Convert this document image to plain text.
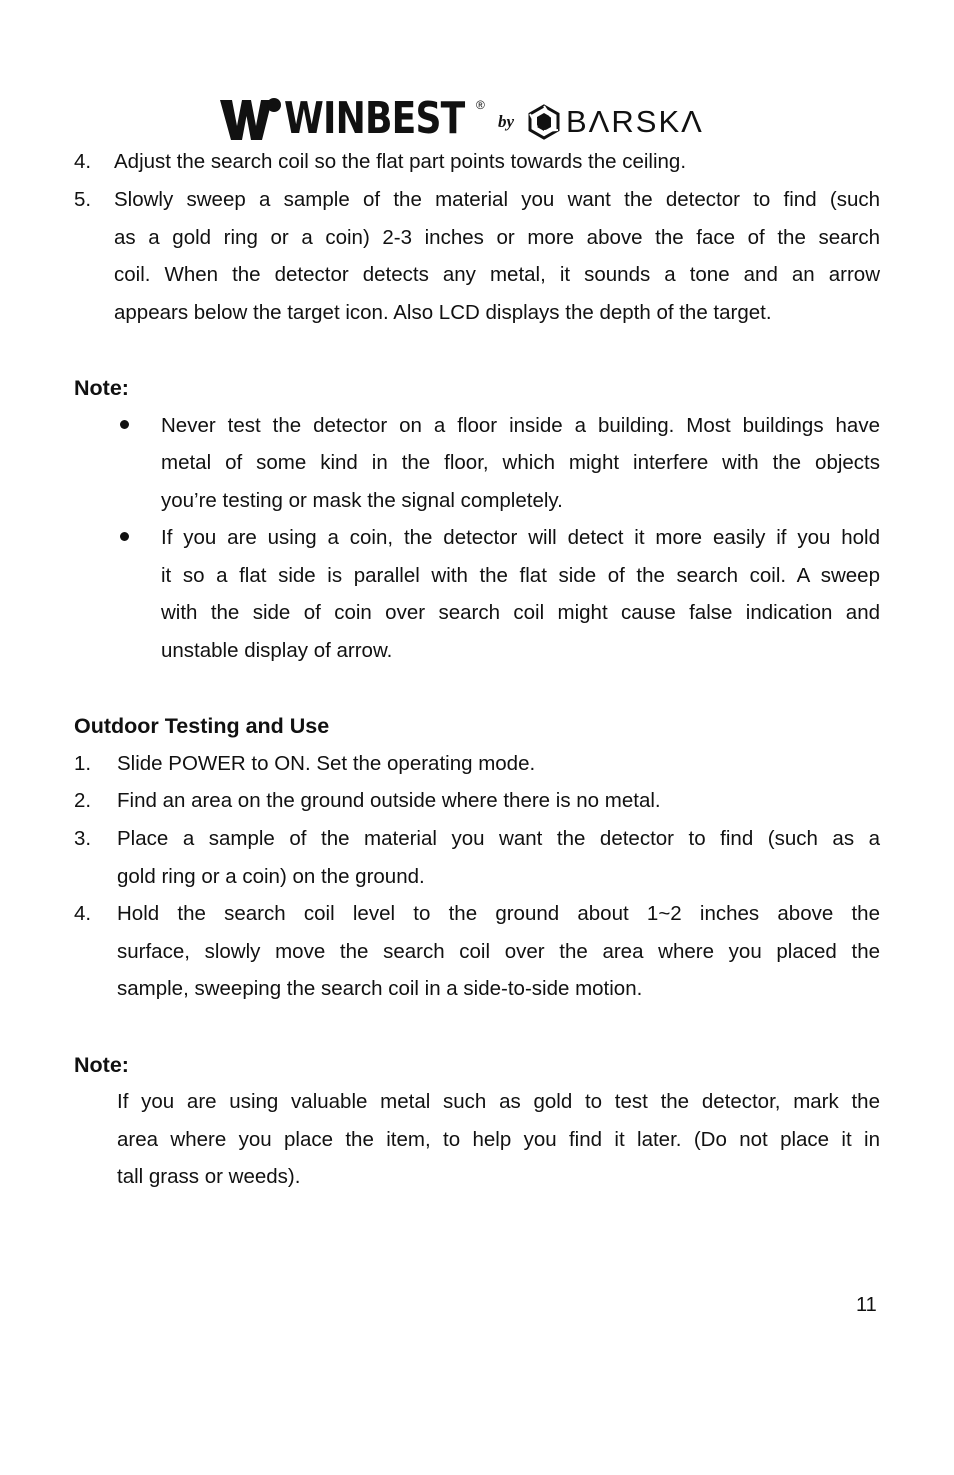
WINBEST ®
by BΛRSKΛ
4. Adjust the search coil so the flat part points towards the ceiling.
5. Slowly sweep a sample of the material you want the detector to find (such
as a gold ring or a coin) 2-3 inches or more above the face of the search
coil. When the detector detects any metal, it sounds a tone and an arrow
appears below the target icon. Also LCD displays the depth of the target.
Note:
Never test the detector on a floor inside a building. Most buildings have
metal of some kind in the floor, which might interfere with the objects
you’re testing or mask the signal completely.
If you are using a coin, the detector will detect it more easily if you hold
it so a flat side is parallel with the flat side of the search coil. A sweep
with the side of coin over search coil might cause false indication and
unstable display of arrow.
Outdoor Testing and Use
1. Slide POWER to ON. Set the operating mode.
2. Find an area on the ground outside where there is no metal.
3. Place a sample of the material you want the detector to find (such as a
gold ring or a coin) on the ground.
4. Hold the search coil level to the ground about 1~2 inches above the
surface, slowly move the search coil over the area where you placed the
sample, sweeping the search coil in a side-to-side motion.
Note:
If you are using valuable metal such as gold to test the detector, mark the
area where you place the item, to help you find it later. (Do not place it in
tall grass or weeds).
11
